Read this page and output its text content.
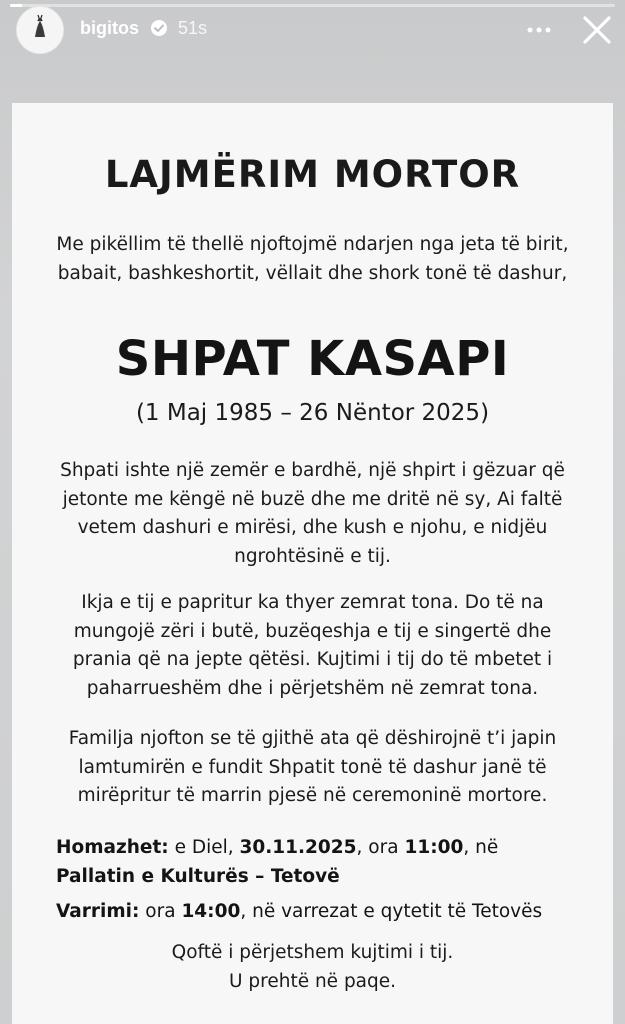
bigitos 51s
LAJMËRIM MORTOR
Me pikëllim të thellë njoftojmë ndarjen nga jeta të birit, babait, bashkeshortit, vëllait dhe shork tonë të dashur,
SHPAT KASAPI
(1 Maj 1985 – 26 Nëntor 2025)
Shpati ishte një zemër e bardhë, një shpirt i gëzuar që jetonte me këngë në buzë dhe me dritë në sy, Ai faltë vetem dashuri e mirësi, dhe kush e njohu, e nidjëu ngrohtësinë e tij.
Ikja e tij e papritur ka thyer zemrat tona. Do të na mungojë zëri i butë, buzëqeshja e tij e singertë dhe prania që na jepte qëtësi. Kujtimi i tij do të mbetet i paharrueshëm dhe i përjetshëm në zemrat tona.
Familja njofton se të gjithë ata që dëshirojnë t’i japin lamtumirën e fundit Shpatit tonë të dashur janë të mirëpritur të marrin pjesë në ceremoninë mortore.
Homazhet: e Diel, 30.11.2025, ora 11:00, në
Pallatin e Kulturës – Tetovë
Varrimi: ora 14:00, në varrezat e qytetit të Tetovës
Qoftë i përjetshem kujtimi i tij.
U prehtë në paqe.
